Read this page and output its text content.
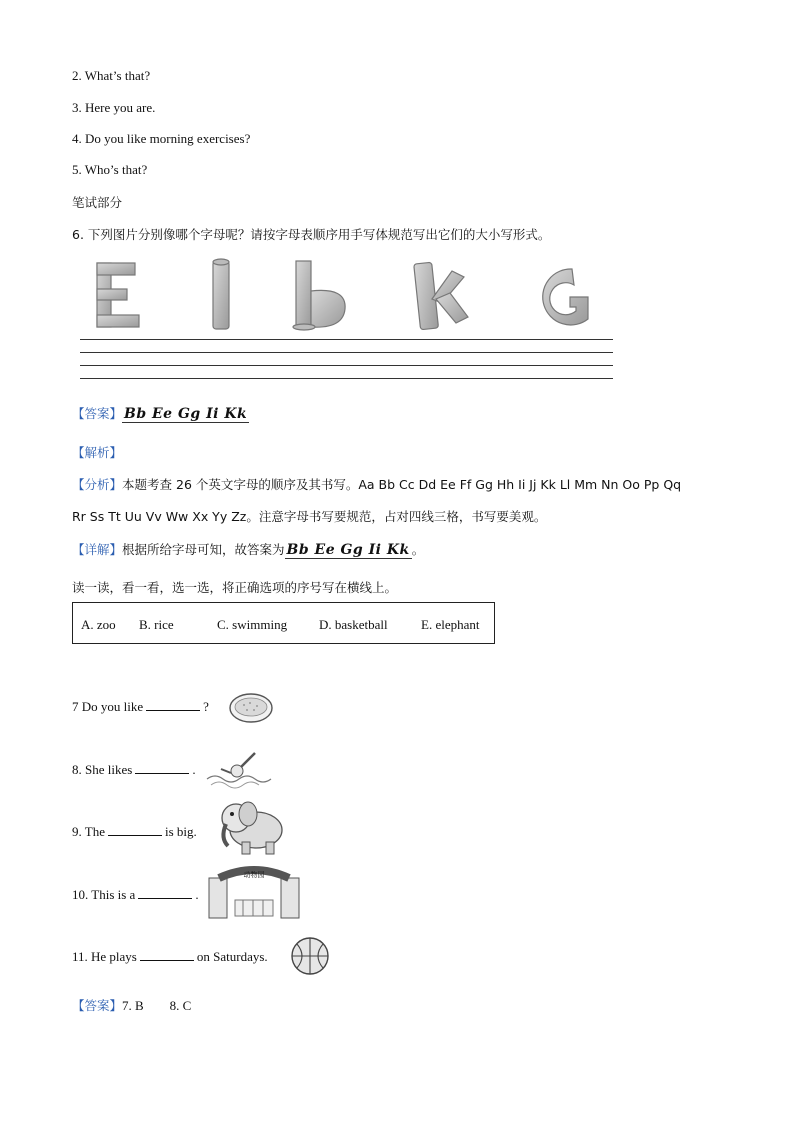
2. What’s that?
3. Here you are.
4. Do you like morning exercises?
5. Who’s that?
笔试部分
6. 下列图片分别像哪个字母呢？请按字母表顺序用手写体规范写出它们的大小写形式。
【答案】 Bb Ee Gg Ii Kk
【解析】
【分析】本题考查 26 个英文字母的顺序及其书写。Aa Bb Cc Dd Ee Ff Gg Hh Ii Jj Kk Ll Mm Nn Oo Pp Qq
Rr Ss Tt Uu Vv Ww Xx Yy Zz。注意字母书写要规范，占对四线三格，书写要美观。
【详解】根据所给字母可知，故答案为 Bb Ee Gg Ii Kk 。
读一读，看一看，选一选，将正确选项的序号写在横线上。
A. zoo B. rice	C. swimming D. basketball	E. elephant
7 Do you like	?
8. She likes	.
9. The	is big.
10. This is a	.
动物园
11. He plays	on Saturdays.
【答案】7. B        8. C
